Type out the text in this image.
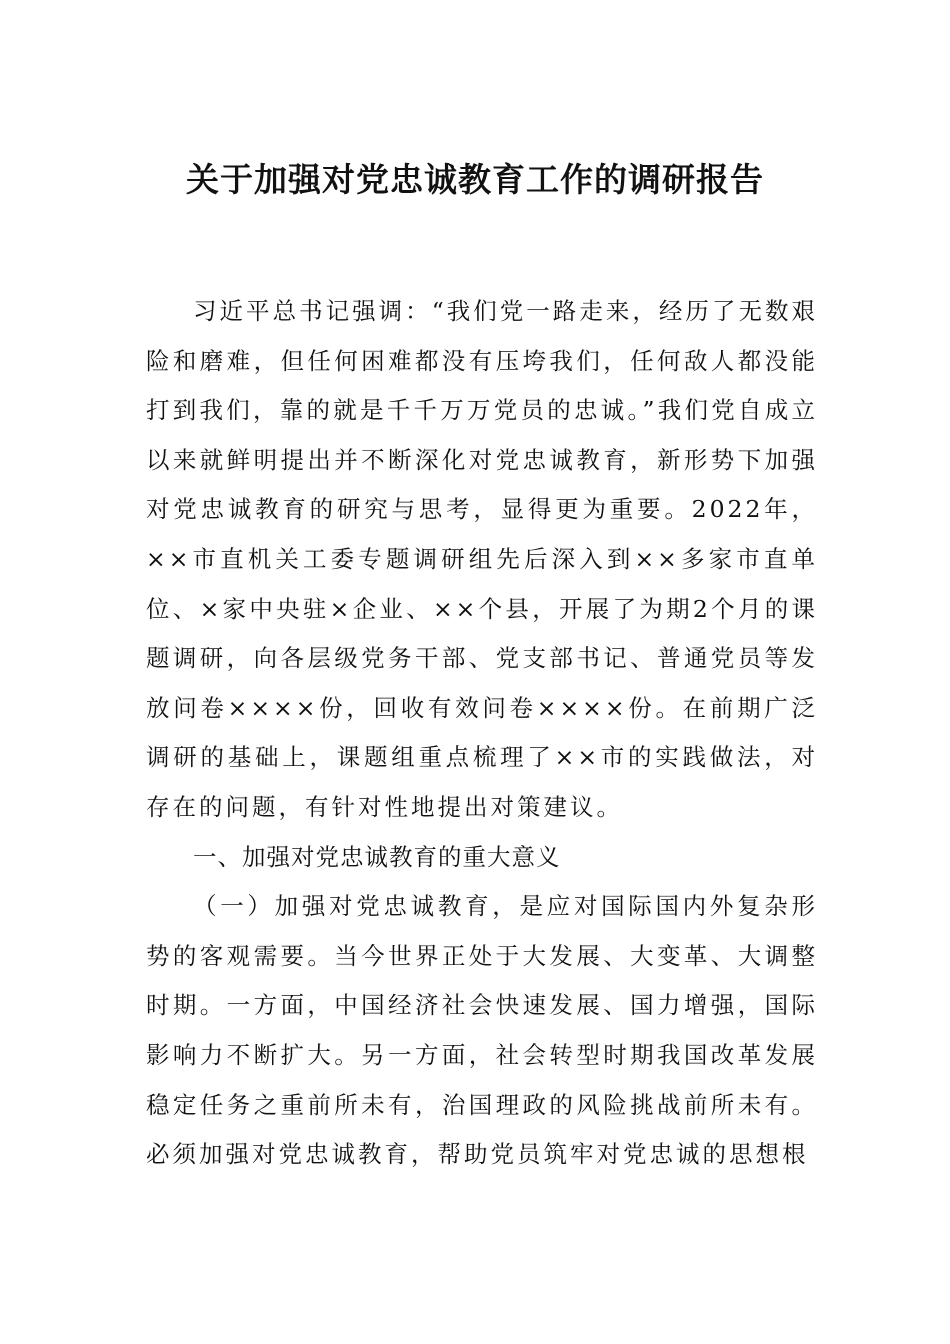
关于加强对党忠诚教育工作的调研报告

习近平总书记强调：“我们党一路走来，经历了无数艰险和磨难，但任何困难都没有压垮我们，任何敌人都没能打到我们，靠的就是千千万万党员的忠诚。”我们党自成立以来就鲜明提出并不断深化对党忠诚教育，新形势下加强对党忠诚教育的研究与思考，显得更为重要。2022年，××市直机关工委专题调研组先后深入到××多家市直单位、×家中央驻×企业、××个县，开展了为期2个月的课题调研，向各层级党务干部、党支部书记、普通党员等发放问卷××××份，回收有效问卷××××份。在前期广泛调研的基础上，课题组重点梳理了××市的实践做法，对存在的问题，有针对性地提出对策建议。

一、加强对党忠诚教育的重大意义

（一）加强对党忠诚教育，是应对国际国内外复杂形势的客观需要。当今世界正处于大发展、大变革、大调整时期。一方面，中国经济社会快速发展、国力增强，国际影响力不断扩大。另一方面，社会转型时期我国改革发展稳定任务之重前所未有，治国理政的风险挑战前所未有。必须加强对党忠诚教育，帮助党员筑牢对党忠诚的思想根
